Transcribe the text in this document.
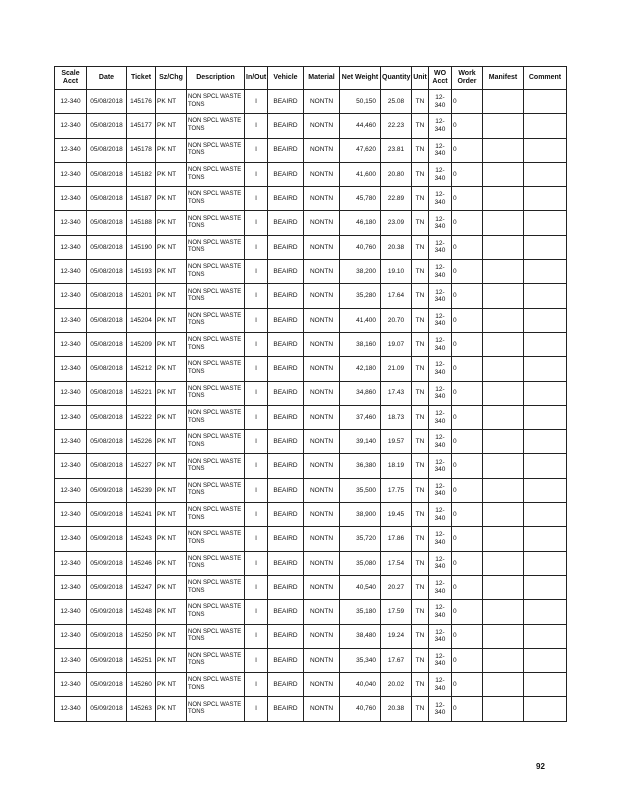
Scale Acct	Date	Ticket	Sz/Chg	Description	In/Out	Vehicle	Material	Net Weight	Quantity	Unit	WO Acct	Work Order	Manifest	Comment
12-340	05/08/2018	145176	PK NT	NON SPCL WASTE TONS	I	BEAIRD	NONTN	50,150	25.08	TN	12-340	0		
12-340	05/08/2018	145177	PK NT	NON SPCL WASTE TONS	I	BEAIRD	NONTN	44,460	22.23	TN	12-340	0		
12-340	05/08/2018	145178	PK NT	NON SPCL WASTE TONS	I	BEAIRD	NONTN	47,620	23.81	TN	12-340	0		
12-340	05/08/2018	145182	PK NT	NON SPCL WASTE TONS	I	BEAIRD	NONTN	41,600	20.80	TN	12-340	0		
12-340	05/08/2018	145187	PK NT	NON SPCL WASTE TONS	I	BEAIRD	NONTN	45,780	22.89	TN	12-340	0		
12-340	05/08/2018	145188	PK NT	NON SPCL WASTE TONS	I	BEAIRD	NONTN	46,180	23.09	TN	12-340	0		
12-340	05/08/2018	145190	PK NT	NON SPCL WASTE TONS	I	BEAIRD	NONTN	40,760	20.38	TN	12-340	0		
12-340	05/08/2018	145193	PK NT	NON SPCL WASTE TONS	I	BEAIRD	NONTN	38,200	19.10	TN	12-340	0		
12-340	05/08/2018	145201	PK NT	NON SPCL WASTE TONS	I	BEAIRD	NONTN	35,280	17.64	TN	12-340	0		
12-340	05/08/2018	145204	PK NT	NON SPCL WASTE TONS	I	BEAIRD	NONTN	41,400	20.70	TN	12-340	0		
12-340	05/08/2018	145209	PK NT	NON SPCL WASTE TONS	I	BEAIRD	NONTN	38,160	19.07	TN	12-340	0		
12-340	05/08/2018	145212	PK NT	NON SPCL WASTE TONS	I	BEAIRD	NONTN	42,180	21.09	TN	12-340	0		
12-340	05/08/2018	145221	PK NT	NON SPCL WASTE TONS	I	BEAIRD	NONTN	34,860	17.43	TN	12-340	0		
12-340	05/08/2018	145222	PK NT	NON SPCL WASTE TONS	I	BEAIRD	NONTN	37,460	18.73	TN	12-340	0		
12-340	05/08/2018	145226	PK NT	NON SPCL WASTE TONS	I	BEAIRD	NONTN	39,140	19.57	TN	12-340	0		
12-340	05/08/2018	145227	PK NT	NON SPCL WASTE TONS	I	BEAIRD	NONTN	36,380	18.19	TN	12-340	0		
12-340	05/09/2018	145239	PK NT	NON SPCL WASTE TONS	I	BEAIRD	NONTN	35,500	17.75	TN	12-340	0		
12-340	05/09/2018	145241	PK NT	NON SPCL WASTE TONS	I	BEAIRD	NONTN	38,900	19.45	TN	12-340	0		
12-340	05/09/2018	145243	PK NT	NON SPCL WASTE TONS	I	BEAIRD	NONTN	35,720	17.86	TN	12-340	0		
12-340	05/09/2018	145246	PK NT	NON SPCL WASTE TONS	I	BEAIRD	NONTN	35,080	17.54	TN	12-340	0		
12-340	05/09/2018	145247	PK NT	NON SPCL WASTE TONS	I	BEAIRD	NONTN	40,540	20.27	TN	12-340	0		
12-340	05/09/2018	145248	PK NT	NON SPCL WASTE TONS	I	BEAIRD	NONTN	35,180	17.59	TN	12-340	0		
12-340	05/09/2018	145250	PK NT	NON SPCL WASTE TONS	I	BEAIRD	NONTN	38,480	19.24	TN	12-340	0		
12-340	05/09/2018	145251	PK NT	NON SPCL WASTE TONS	I	BEAIRD	NONTN	35,340	17.67	TN	12-340	0		
12-340	05/09/2018	145260	PK NT	NON SPCL WASTE TONS	I	BEAIRD	NONTN	40,040	20.02	TN	12-340	0		
12-340	05/09/2018	145263	PK NT	NON SPCL WASTE TONS	I	BEAIRD	NONTN	40,760	20.38	TN	12-340	0		
92
